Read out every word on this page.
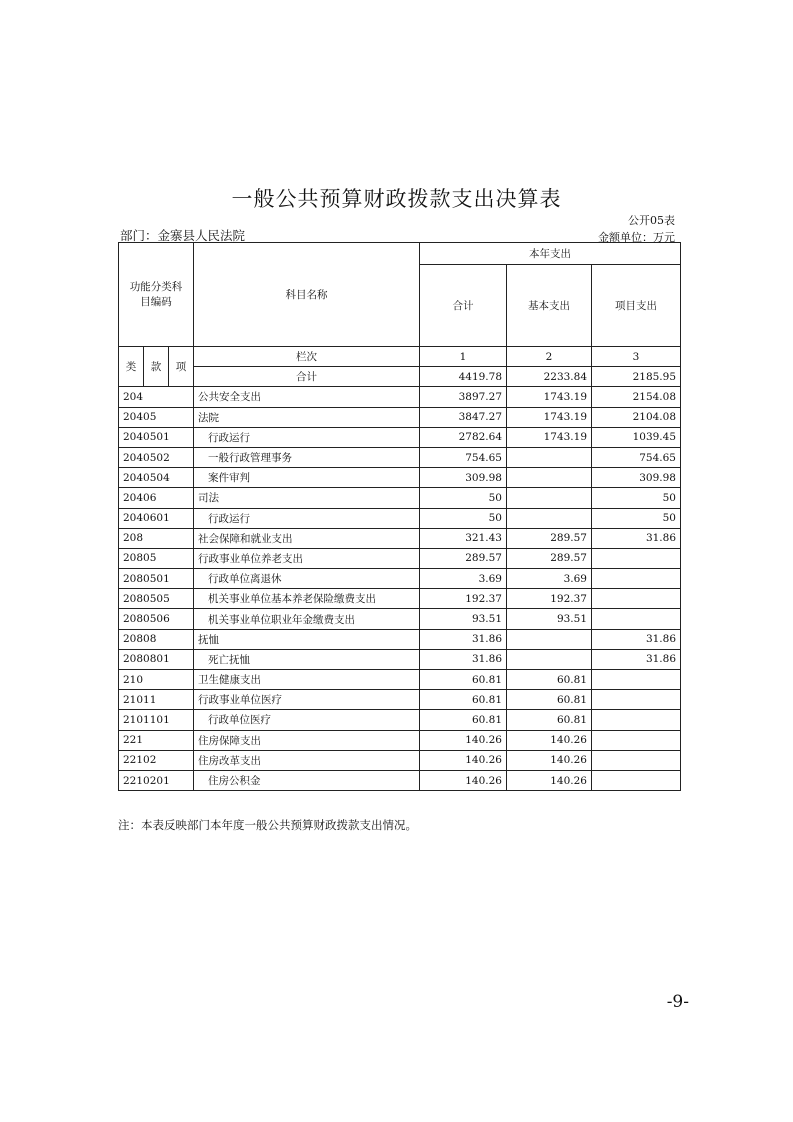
一般公共预算财政拨款支出决算表
公开05表
部门：金寨县人民法院	金额单位：万元
功能分类科目编码			科目名称	本年支出		
				合计	基本支出	项目支出
类	款	项	栏次	1	2	3
			合计	4419.78	2233.84	2185.95
204			公共安全支出	3897.27	1743.19	2154.08
20405			法院	3847.27	1743.19	2104.08
2040501			行政运行	2782.64	1743.19	1039.45
2040502			一般行政管理事务	754.65		754.65
2040504			案件审判	309.98		309.98
20406			司法	50		50
2040601			行政运行	50		50
208			社会保障和就业支出	321.43	289.57	31.86
20805			行政事业单位养老支出	289.57	289.57	
2080501			行政单位离退休	3.69	3.69	
2080505			机关事业单位基本养老保险缴费支出	192.37	192.37	
2080506			机关事业单位职业年金缴费支出	93.51	93.51	
20808			抚恤	31.86		31.86
2080801			死亡抚恤	31.86		31.86
210			卫生健康支出	60.81	60.81	
21011			行政事业单位医疗	60.81	60.81	
2101101			行政单位医疗	60.81	60.81	
221			住房保障支出	140.26	140.26	
22102			住房改革支出	140.26	140.26	
2210201			住房公积金	140.26	140.26	
注：本表反映部门本年度一般公共预算财政拨款支出情况。
-9-
